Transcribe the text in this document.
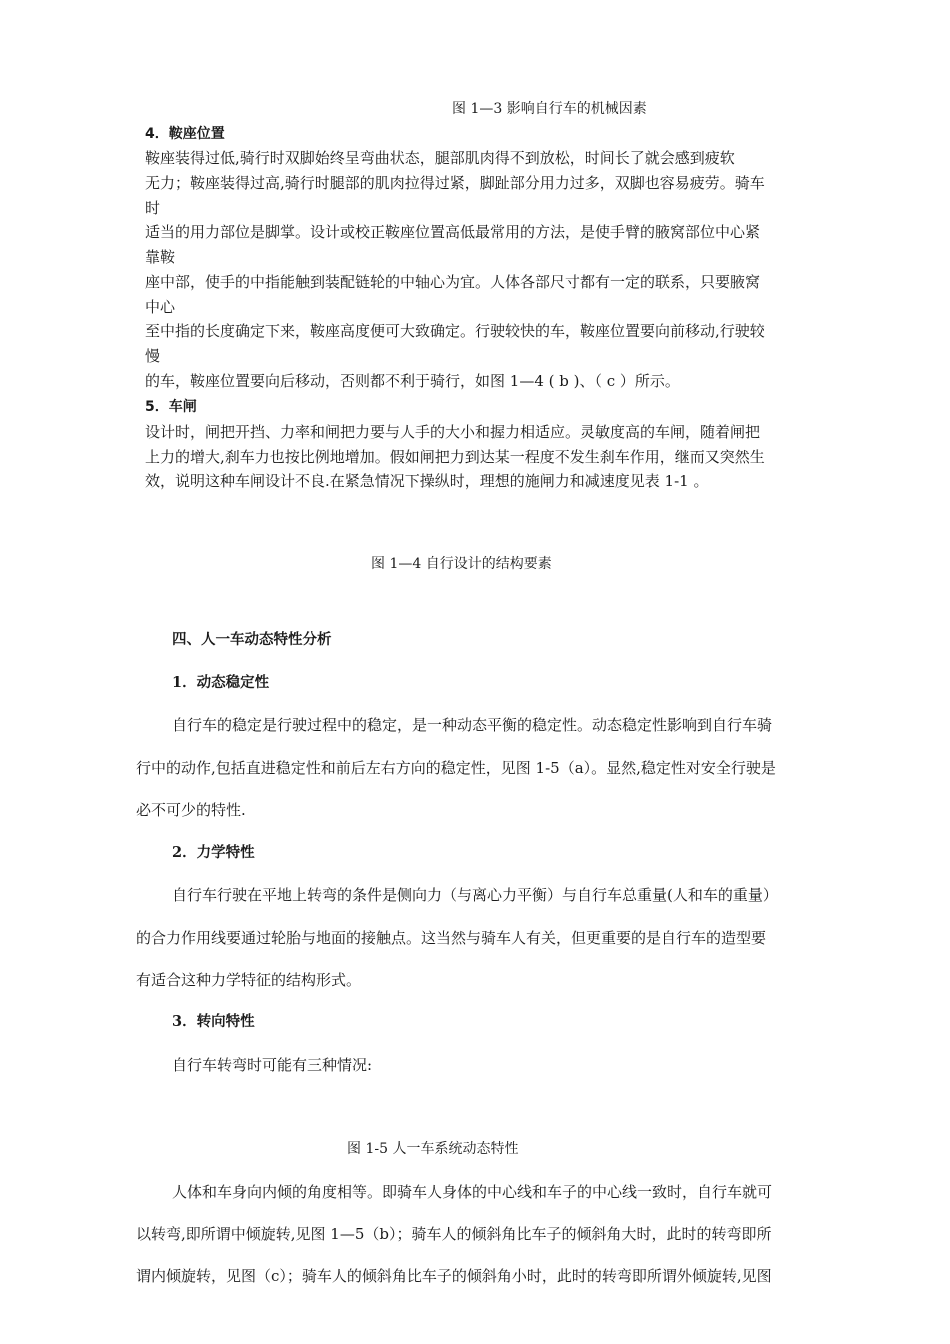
图 1—3 影响自行车的机械因素
4．鞍座位置
鞍座装得过低,骑行时双脚始终呈弯曲状态，腿部肌肉得不到放松，时间长了就会感到疲软
无力；鞍座装得过高,骑行时腿部的肌肉拉得过紧，脚趾部分用力过多，双脚也容易疲劳。骑车
时
适当的用力部位是脚掌。设计或校正鞍座位置高低最常用的方法，是使手臂的腋窝部位中心紧
靠鞍
座中部，使手的中指能触到装配链轮的中轴心为宜。人体各部尺寸都有一定的联系，只要腋窝
中心
至中指的长度确定下来，鞍座高度便可大致确定。行驶较快的车，鞍座位置要向前移动,行驶较
慢
的车，鞍座位置要向后移动，否则都不利于骑行，如图 1—4 ( b )、（ c ）所示。
5．车闸
设计时，闸把开挡、力率和闸把力要与人手的大小和握力相适应。灵敏度高的车闸，随着闸把
上力的增大,刹车力也按比例地增加。假如闸把力到达某一程度不发生刹车作用，继而又突然生
效，说明这种车闸设计不良.在紧急情况下操纵时，理想的施闸力和减速度见表 1-1 。
图 1—4 自行设计的结构要素
四、人一车动态特性分析
1．动态稳定性
自行车的稳定是行驶过程中的稳定，是一种动态平衡的稳定性。动态稳定性影响到自行车骑
行中的动作,包括直进稳定性和前后左右方向的稳定性，见图 1-5（a）。显然,稳定性对安全行驶是
必不可少的特性.
2．力学特性
自行车行驶在平地上转弯的条件是侧向力（与离心力平衡）与自行车总重量(人和车的重量）
的合力作用线要通过轮胎与地面的接触点。这当然与骑车人有关，但更重要的是自行车的造型要
有适合这种力学特征的结构形式。
3．转向特性
自行车转弯时可能有三种情况:
图 1-5 人一车系统动态特性
人体和车身向内倾的角度相等。即骑车人身体的中心线和车子的中心线一致时，自行车就可
以转弯,即所谓中倾旋转,见图 1—5（b）；骑车人的倾斜角比车子的倾斜角大时，此时的转弯即所
谓内倾旋转，见图（c）；骑车人的倾斜角比车子的倾斜角小时，此时的转弯即所谓外倾旋转,见图
